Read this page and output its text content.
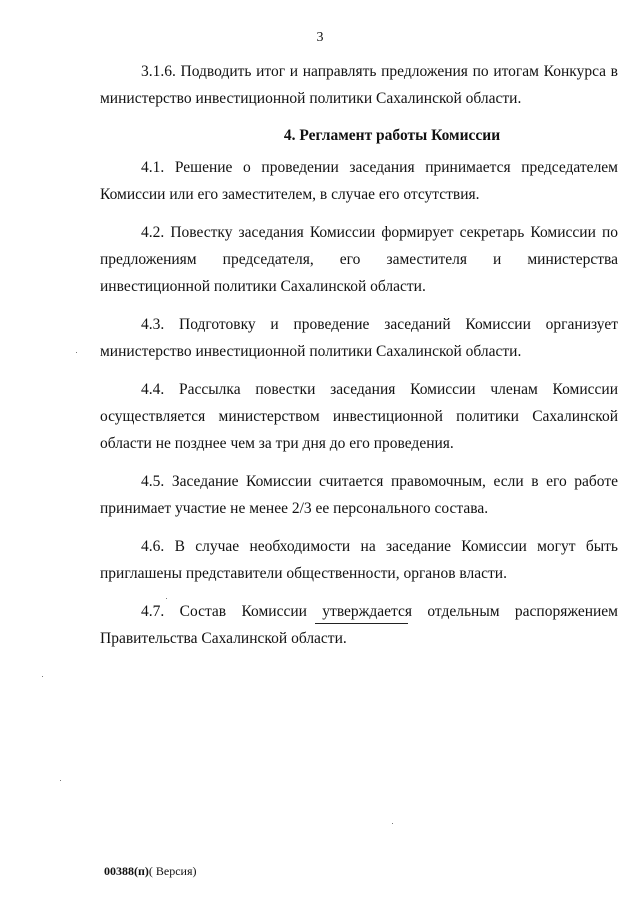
3

3.1.6. Подводить итог и направлять предложения по итогам Конкурса в министерство инвестиционной политики Сахалинской области.

4. Регламент работы Комиссии

4.1. Решение о проведении заседания принимается председателем Комиссии или его заместителем, в случае его отсутствия.

4.2. Повестку заседания Комиссии формирует секретарь Комиссии по предложениям председателя, его заместителя и министерства инвестиционной политики Сахалинской области.

4.3. Подготовку и проведение заседаний Комиссии организует министерство инвестиционной политики Сахалинской области.

4.4. Рассылка повестки заседания Комиссии членам Комиссии осуществляется министерством инвестиционной политики Сахалинской области не позднее чем за три дня до его проведения.

4.5. Заседание Комиссии считается правомочным, если в его работе принимает участие не менее 2/3 ее персонального состава.

4.6. В случае необходимости на заседание Комиссии могут быть приглашены представители общественности, органов власти.

4.7. Состав Комиссии утверждается отдельным распоряжением Правительства Сахалинской области.

00388(п)( Версия)
